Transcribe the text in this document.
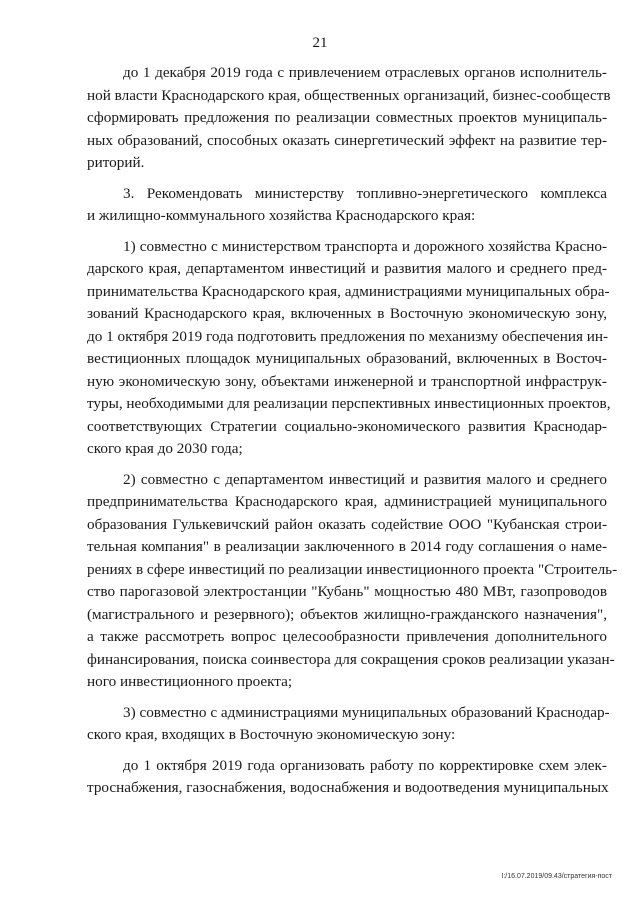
21
до 1 декабря 2019 года с привлечением отраслевых органов исполнитель-
ной власти Краснодарского края, общественных организаций, бизнес-сообществ
сформировать предложения по реализации совместных проектов муниципаль-
ных образований, способных оказать синергетический эффект на развитие тер-
риторий.
3. Рекомендовать министерству топливно-энергетического комплекса
и жилищно-коммунального хозяйства Краснодарского края:
1) совместно с министерством транспорта и дорожного хозяйства Красно-
дарского края, департаментом инвестиций и развития малого и среднего пред-
принимательства Краснодарского края, администрациями муниципальных обра-
зований Краснодарского края, включенных в Восточную экономическую зону,
до 1 октября 2019 года подготовить предложения по механизму обеспечения ин-
вестиционных площадок муниципальных образований, включенных в Восточ-
ную экономическую зону, объектами инженерной и транспортной инфраструк-
туры, необходимыми для реализации перспективных инвестиционных проектов,
соответствующих Стратегии социально-экономического развития Краснодар-
ского края до 2030 года;
2) совместно с департаментом инвестиций и развития малого и среднего
предпринимательства Краснодарского края, администрацией муниципального
образования Гулькевичский район оказать содействие ООО "Кубанская строи-
тельная компания" в реализации заключенного в 2014 году соглашения о наме-
рениях в сфере инвестиций по реализации инвестиционного проекта "Строитель-
ство парогазовой электростанции "Кубань" мощностью 480 МВт, газопроводов
(магистрального и резервного); объектов жилищно-гражданского назначения",
а также рассмотреть вопрос целесообразности привлечения дополнительного
финансирования, поиска соинвестора для сокращения сроков реализации указан-
ного инвестиционного проекта;
3) совместно с администрациями муниципальных образований Краснодар-
ского края, входящих в Восточную экономическую зону:
до 1 октября 2019 года организовать работу по корректировке схем элек-
троснабжения, газоснабжения, водоснабжения и водоотведения муниципальных
I:/16.07.2019/09.43/стратегия-пост
